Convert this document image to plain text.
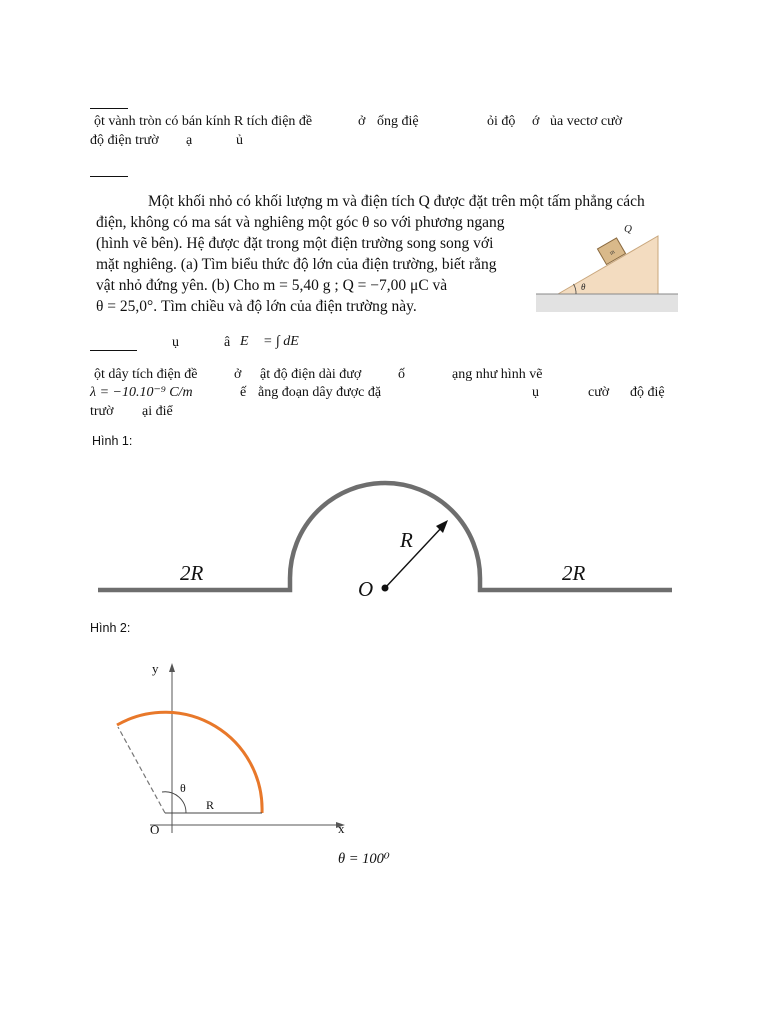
ột vành tròn có bán kính R tích điện đề	ở ống điệ	ỏi độ ớ ủa vectơ cườ
độ điện trườ ạ	ủ
Một khối nhỏ có khối lượng m và điện tích Q được đặt trên một tấm phẳng cách
điện, không có ma sát và nghiêng một góc θ so với phương ngang
(hình vẽ bên). Hệ được đặt trong một điện trường song song với
mặt nghiêng. (a) Tìm biểu thức độ lớn của điện trường, biết rằng
vật nhỏ đứng yên. (b) Cho m = 5,40 g ; Q = −7,00 μC và
θ = 25,0°. Tìm chiều và độ lớn của điện trường này.
m
Q
θ
ụ	â E⃗ = ∫ dE⃗
ột dây tích điện đề	ở ật độ điện dài đượ	ố	ạng như hình vẽ
λ = −10.10⁻⁹ C/m	ế ằng đoạn dây được đặ	ụ	cườ độ điệ
trườ ại điể
Hình 1:
2R	2R
R
O
Hình 2:
y
x
O
θ
R
θ = 100⁰
